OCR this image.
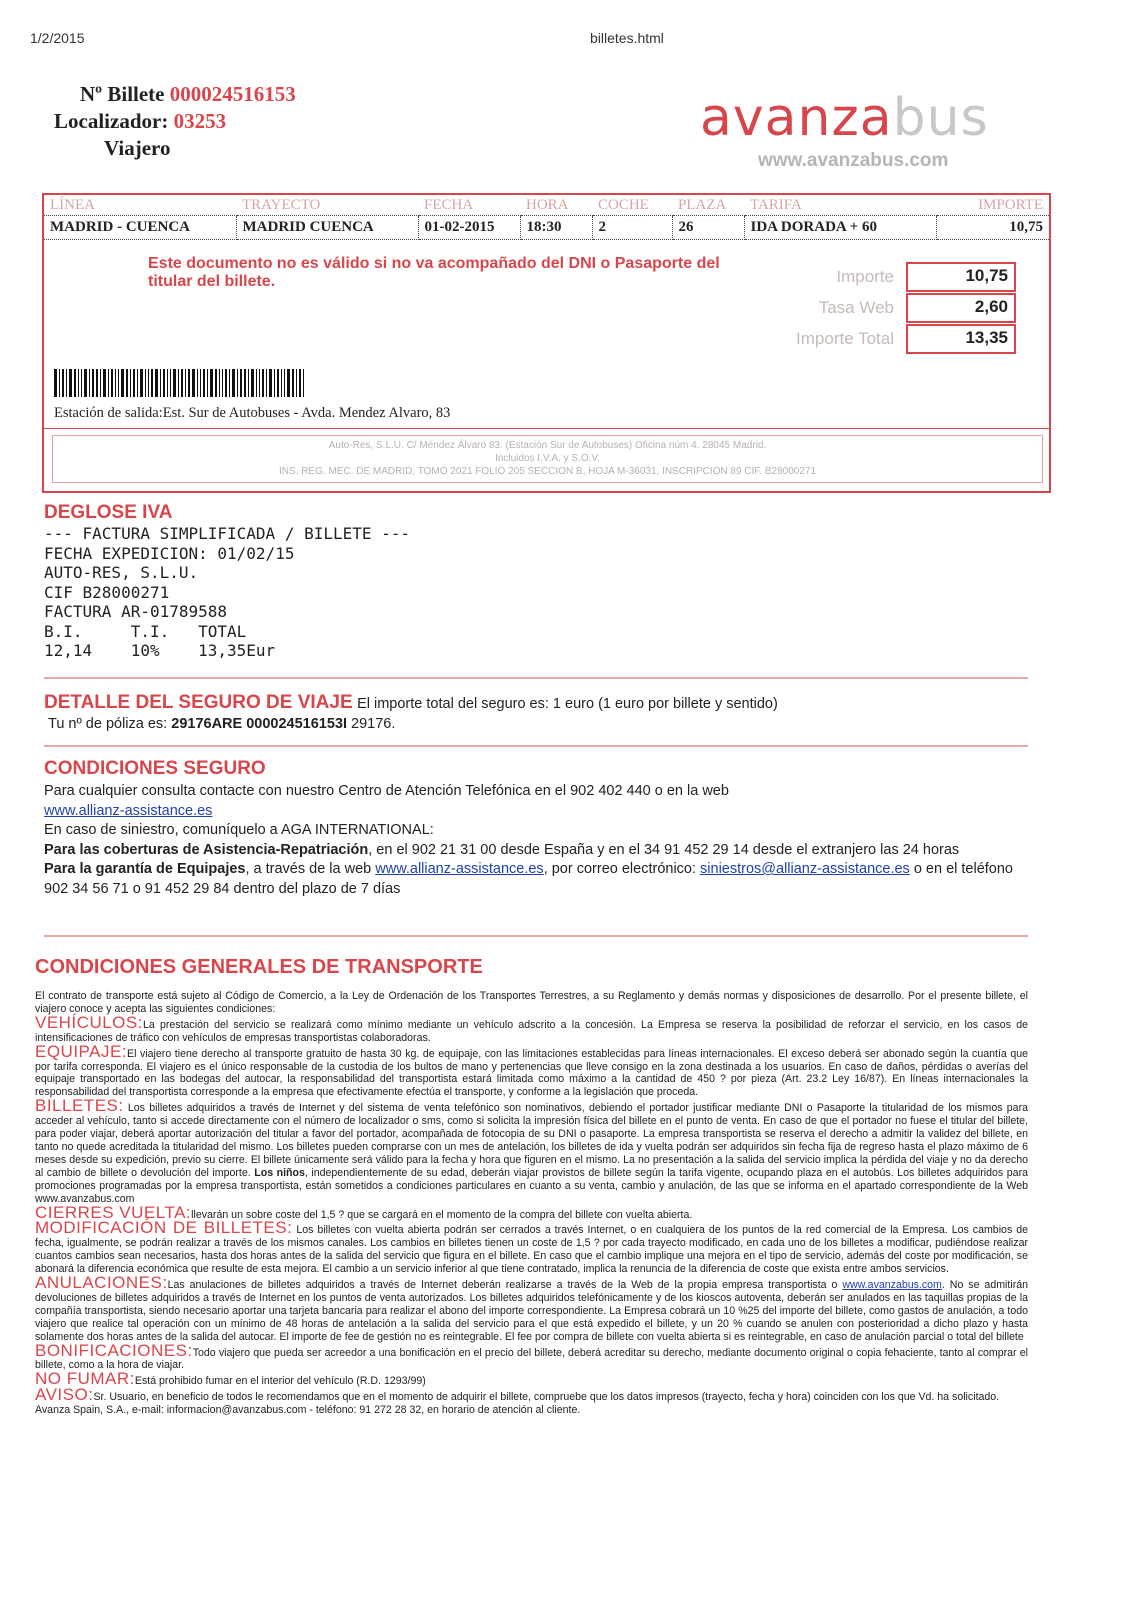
1/2/2015	billetes.html
Nº Billete 000024516153
Localizador: 03253
Viajero	avanzabus
www.avanzabus.com
LÍNEA	TRAYECTO	FECHA	HORA	COCHE	PLAZA	TARIFA	IMPORTE
MADRID - CUENCA	MADRID CUENCA	01-02-2015	18:30	2	26	IDA DORADA + 60	10,75
Este documento no es válido si no va acompañado del DNI o Pasaporte del titular del billete.	Importe	10,75
Tasa Web	2,60
Importe Total	13,35
Estación de salida:Est. Sur de Autobuses - Avda. Mendez Alvaro, 83
Auto-Res, S.L.U. C/ Méndez Álvaro 83. (Estación Sur de Autobuses) Oficina núm 4. 28045 Madrid.
Incluidos I.V.A. y S.O.V.
INS. REG. MEC. DE MADRID, TOMO 2021 FOLIO 205 SECCION B, HOJA M-36031, INSCRIPCION 89 CIF. B28000271
DEGLOSE IVA
--- FACTURA SIMPLIFICADA / BILLETE ---
FECHA EXPEDICION: 01/02/15
AUTO-RES, S.L.U.
CIF B28000271
FACTURA AR-01789588
B.I.     T.I.   TOTAL
12,14    10%    13,35Eur
DETALLE DEL SEGURO DE VIAJE El importe total del seguro es: 1 euro (1 euro por billete y sentido)
Tu nº de póliza es: 29176ARE 000024516153I 29176.
CONDICIONES SEGURO
Para cualquier consulta contacte con nuestro Centro de Atención Telefónica en el 902 402 440 o en la web
www.allianz-assistance.es
En caso de siniestro, comuníquelo a AGA INTERNATIONAL:
Para las coberturas de Asistencia-Repatriación, en el 902 21 31 00 desde España y en el 34 91 452 29 14 desde el extranjero las 24 horas
Para la garantía de Equipajes, a través de la web www.allianz-assistance.es, por correo electrónico: siniestros@allianz-assistance.es o en el teléfono 902 34 56 71 o 91 452 29 84 dentro del plazo de 7 días
CONDICIONES GENERALES DE TRANSPORTE
El contrato de transporte está sujeto al Código de Comercio, a la Ley de Ordenación de los Transportes Terrestres, a su Reglamento y demás normas y disposiciones de desarrollo. Por el presente billete, el viajero conoce y acepta las siguientes condiciones:
VEHÍCULOS:La prestación del servicio se realizará como mínimo mediante un vehículo adscrito a la concesión. La Empresa se reserva la posibilidad de reforzar el servicio, en los casos de intensificaciones de tráfico con vehículos de empresas transportistas colaboradoras.
EQUIPAJE:El viajero tiene derecho al transporte gratuito de hasta 30 kg. de equipaje, con las limitaciones establecidas para líneas internacionales. El exceso deberá ser abonado según la cuantía que por tarifa corresponda. El viajero es el único responsable de la custodia de los bultos de mano y pertenencias que lleve consigo en la zona destinada a los usuarios. En caso de daños, pérdidas o averías del equipaje transportado en las bodegas del autocar, la responsabilidad del transportista estará limitada como máximo a la cantidad de 450 ? por pieza (Art. 23.2 Ley 16/87). En líneas internacionales la responsabilidad del transportista corresponde a la empresa que efectivamente efectúa el transporte, y conforme a la legislación que proceda.
BILLETES: Los billetes adquiridos a través de Internet y del sistema de venta telefónico son nominativos, debiendo el portador justificar mediante DNI o Pasaporte la titularidad de los mismos para acceder al vehículo, tanto si accede directamente con el número de localizador o sms, como si solicita la impresión física del billete en el punto de venta. En caso de que el portador no fuese el titular del billete, para poder viajar, deberá aportar autorización del titular a favor del portador, acompañada de fotocopia de su DNI o pasaporte. La empresa transportista se reserva el derecho a admitir la validez del billete, en tanto no quede acreditada la titularidad del mismo. Los billetes pueden comprarse con un mes de antelación, los billetes de ida y vuelta podrán ser adquiridos sin fecha fija de regreso hasta el plazo máximo de 6 meses desde su expedición, previo su cierre. El billete únicamente será válido para la fecha y hora que figuren en el mismo. La no presentación a la salida del servicio implica la pérdida del viaje y no da derecho al cambio de billete o devolución del importe. Los niños, independientemente de su edad, deberán viajar provistos de billete según la tarifa vigente, ocupando plaza en el autobús. Los billetes adquiridos para promociones programadas por la empresa transportista, están sometidos a condiciones particulares en cuanto a su venta, cambio y anulación, de las que se informa en el apartado correspondiente de la Web www.avanzabus.com
CIERRES VUELTA:llevarán un sobre coste del 1,5 ? que se cargará en el momento de la compra del billete con vuelta abierta.
MODIFICACIÓN DE BILLETES: Los billetes con vuelta abierta podrán ser cerrados a través Internet, o en cualquiera de los puntos de la red comercial de la Empresa. Los cambios de fecha, igualmente, se podrán realizar a través de los mismos canales. Los cambios en billetes tienen un coste de 1,5 ? por cada trayecto modificado, en cada uno de los billetes a modificar, pudiéndose realizar cuantos cambios sean necesarios, hasta dos horas antes de la salida del servicio que figura en el billete. En caso que el cambio implique una mejora en el tipo de servicio, además del coste por modificación, se abonará la diferencia económica que resulte de esta mejora. El cambio a un servicio inferior al que tiene contratado, implica la renuncia de la diferencia de coste que exista entre ambos servicios.
ANULACIONES:Las anulaciones de billetes adquiridos a través de Internet deberán realizarse a través de la Web de la propia empresa transportista o www.avanzabus.com. No se admitirán devoluciones de billetes adquiridos a través de Internet en los puntos de venta autorizados. Los billetes adquiridos telefónicamente y de los kioscos autoventa, deberán ser anulados en las taquillas propias de la compañía transportista, siendo necesario aportar una tarjeta bancaria para realizar el abono del importe correspondiente. La Empresa cobrará un 10 %25 del importe del billete, como gastos de anulación, a todo viajero que realice tal operación con un mínimo de 48 horas de antelación a la salida del servicio para el que está expedido el billete, y un 20 % cuando se anulen con posterioridad a dicho plazo y hasta solamente dos horas antes de la salida del autocar. El importe de fee de gestión no es reintegrable. El fee por compra de billete con vuelta abierta si es reintegrable, en caso de anulación parcial o total del billete
BONIFICACIONES:Todo viajero que pueda ser acreedor a una bonificación en el precio del billete, deberá acreditar su derecho, mediante documento original o copia fehaciente, tanto al comprar el billete, como a la hora de viajar.
NO FUMAR:Está prohibido fumar en el interior del vehículo (R.D. 1293/99)
AVISO:Sr. Usuario, en beneficio de todos le recomendamos que en el momento de adquirir el billete, compruebe que los datos impresos (trayecto, fecha y hora) coinciden con los que Vd. ha solicitado.
Avanza Spain, S.A., e-mail: informacion@avanzabus.com - teléfono: 91 272 28 32, en horario de atención al cliente.
